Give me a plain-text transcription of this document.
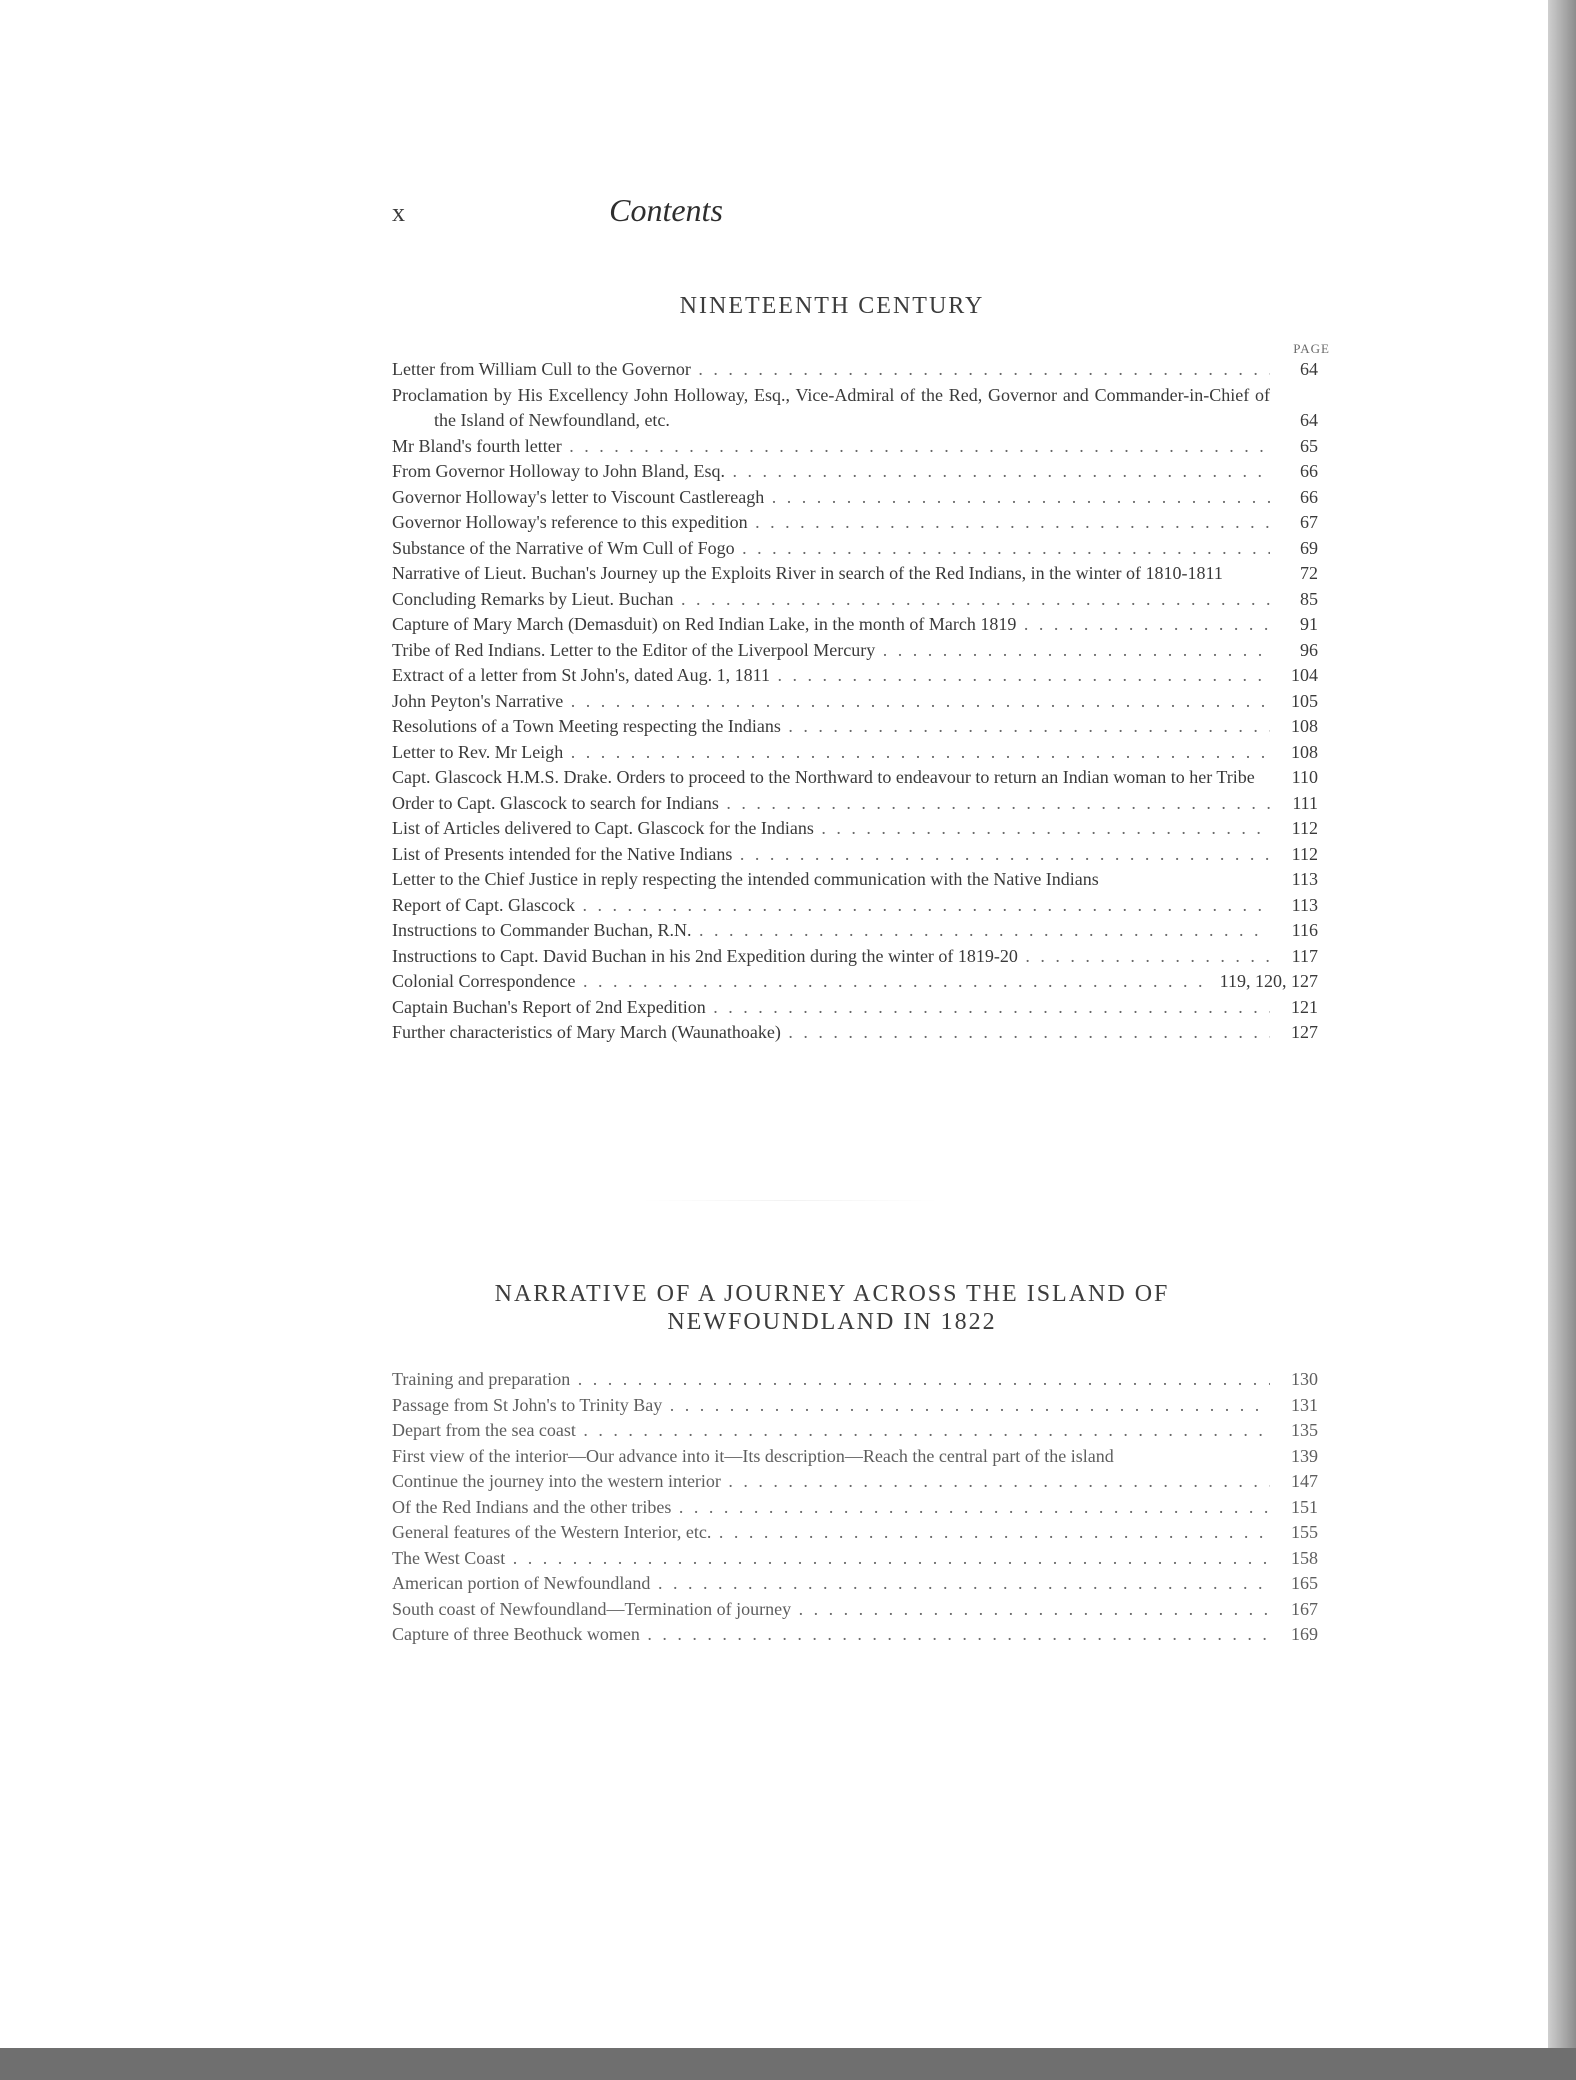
x	Contents
NINETEENTH CENTURY
PAGE
Letter from William Cull to the Governor . .	64
Proclamation by His Excellency John Holloway, Esq., Vice-Admiral of the Red, Governor and Commander-in-Chief of the Island of Newfoundland, etc.	64
Mr Bland's fourth letter . .	65
From Governor Holloway to John Bland, Esq. . .	66
Governor Holloway's letter to Viscount Castlereagh . .	66
Governor Holloway's reference to this expedition . .	67
Substance of the Narrative of Wm Cull of Fogo . .	69
Narrative of Lieut. Buchan's Journey up the Exploits River in search of the Red Indians, in the winter of 1810-1811	72
Concluding Remarks by Lieut. Buchan . .	85
Capture of Mary March (Demasduit) on Red Indian Lake, in the month of March 1819 . .	91
Tribe of Red Indians. Letter to the Editor of the Liverpool Mercury . .	96
Extract of a letter from St John's, dated Aug. 1, 1811 . .	104
John Peyton's Narrative . .	105
Resolutions of a Town Meeting respecting the Indians . .	108
Letter to Rev. Mr Leigh . .	108
Capt. Glascock H.M.S. Drake. Orders to proceed to the Northward to endeavour to return an Indian woman to her Tribe	110
Order to Capt. Glascock to search for Indians . .	111
List of Articles delivered to Capt. Glascock for the Indians . .	112
List of Presents intended for the Native Indians . .	112
Letter to the Chief Justice in reply respecting the intended communication with the Native Indians	113
Report of Capt. Glascock . .	113
Instructions to Commander Buchan, R.N. . .	116
Instructions to Capt. David Buchan in his 2nd Expedition during the winter of 1819-20 . .	117
Colonial Correspondence . .	119, 120, 127
Captain Buchan's Report of 2nd Expedition . .	121
Further characteristics of Mary March (Waunathoake) . .	127
NARRATIVE OF A JOURNEY ACROSS THE ISLAND OF
NEWFOUNDLAND IN 1822
Training and preparation . .	130
Passage from St John's to Trinity Bay . .	131
Depart from the sea coast . .	135
First view of the interior—Our advance into it—Its description—Reach the central part of the island	139
Continue the journey into the western interior . .	147
Of the Red Indians and the other tribes . .	151
General features of the Western Interior, etc. . .	155
The West Coast . .	158
American portion of Newfoundland . .	165
South coast of Newfoundland—Termination of journey . .	167
Capture of three Beothuck women . .	169
